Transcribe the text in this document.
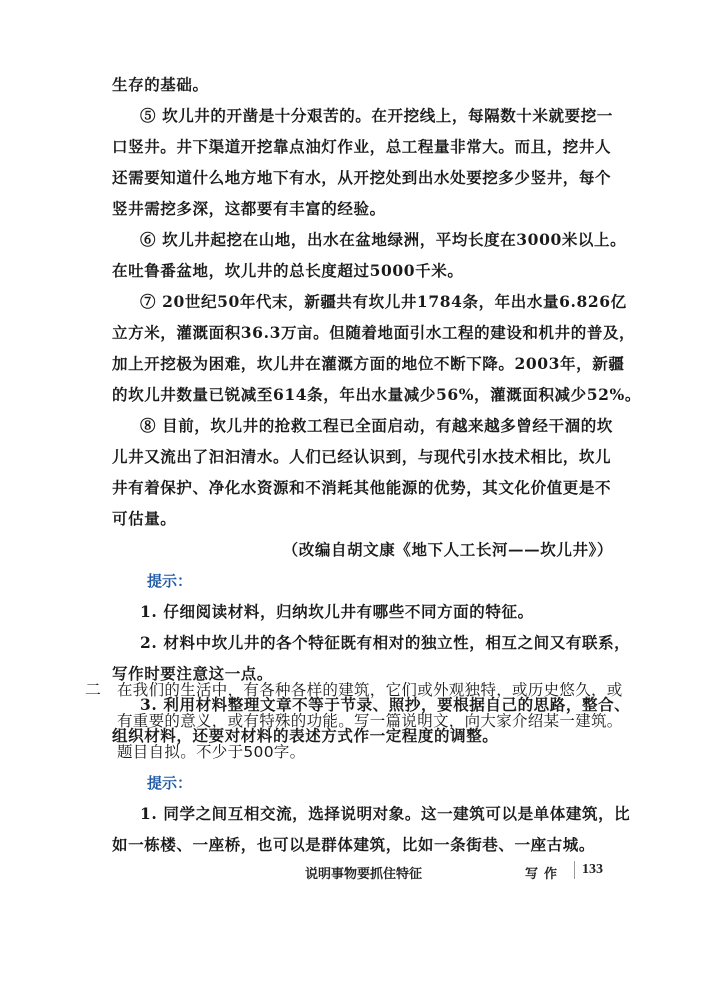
生存的基础。
⑤ 坎儿井的开凿是十分艰苦的。在开挖线上，每隔数十米就要挖一
口竖井。井下渠道开挖靠点油灯作业，总工程量非常大。而且，挖井人
还需要知道什么地方地下有水，从开挖处到出水处要挖多少竖井，每个
竖井需挖多深，这都要有丰富的经验。
⑥ 坎儿井起挖在山地，出水在盆地绿洲，平均长度在3000米以上。
在吐鲁番盆地，坎儿井的总长度超过5000千米。
⑦ 20世纪50年代末，新疆共有坎儿井1784条，年出水量6.826亿
立方米，灌溉面积36.3万亩。但随着地面引水工程的建设和机井的普及，
加上开挖极为困难，坎儿井在灌溉方面的地位不断下降。2003年，新疆
的坎儿井数量已锐减至614条，年出水量减少56%，灌溉面积减少52%。
⑧ 目前，坎儿井的抢救工程已全面启动，有越来越多曾经干涸的坎
儿井又流出了汩汩清水。人们已经认识到，与现代引水技术相比，坎儿
井有着保护、净化水资源和不消耗其他能源的优势，其文化价值更是不
可估量。
（改编自胡文康《地下人工长河——坎儿井》）
提示：
1. 仔细阅读材料，归纳坎儿井有哪些不同方面的特征。
2. 材料中坎儿井的各个特征既有相对的独立性，相互之间又有联系，
写作时要注意这一点。
3. 利用材料整理文章不等于节录、照抄，要根据自己的思路，整合、
组织材料，还要对材料的表述方式作一定程度的调整。
二 在我们的生活中，有各种各样的建筑，它们或外观独特，或历史悠久，或
有重要的意义，或有特殊的功能。写一篇说明文，向大家介绍某一建筑。
题目自拟。不少于500字。
提示：
1. 同学之间互相交流，选择说明对象。这一建筑可以是单体建筑，比
如一栋楼、一座桥，也可以是群体建筑，比如一条街巷、一座古城。
说明事物要抓住特征	写作 133
